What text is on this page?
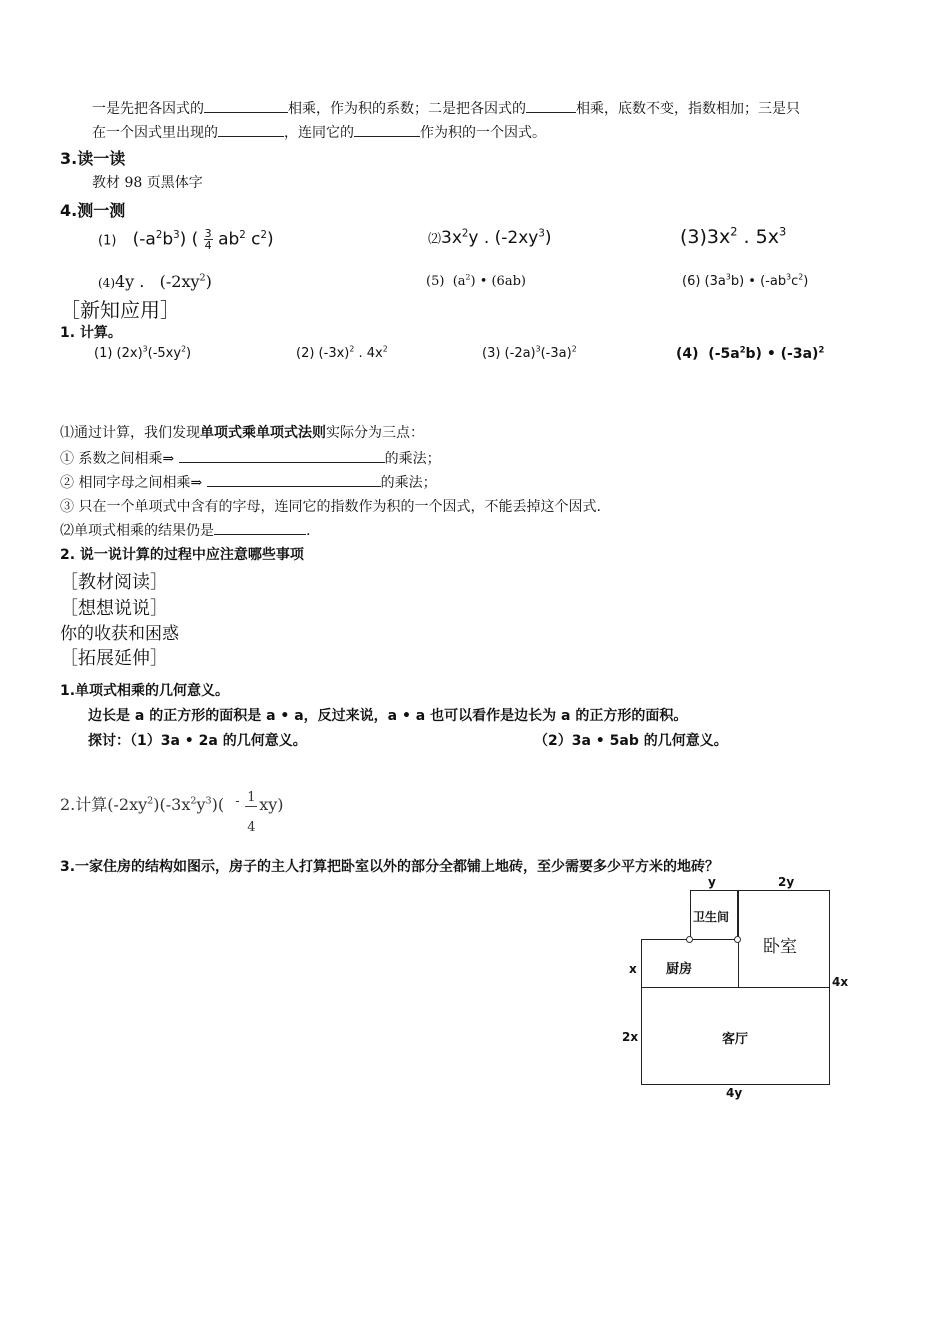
一是先把各因式的	相乘，作为积的系数；二是把各因式的	相乘，底数不变，指数相加；三是只
在一个因式里出现的	，连同它的	作为积的一个因式。
3.读一读
教材 98 页黑体字
4.测一测
(1)   $(-a^2b^3)$ ( $\frac{3}{4} ab^2$ $c^2$)	$⑵3x^2y$ . $(-2xy^3)$	$(3)3x^2$ . $5x^3$
(4)4y .   $(-2xy^2)$	(5) $(a^2)$ • (6ab)	(6) $(3a^3b)$ • $(-ab^3c^2)$
［新知应用］
1. 计算。
(1) $(2x)^3(-5xy^2)$	(2) $(-3x)^2$ . $4x^2$	(3) $(-2a)^3(-3a)^2$	(4)  $(-5a^2b)$ • $(-3a)^2$
⑴通过计算，我们发现单项式乘单项式法则实际分为三点：
① 系数之间相乘⇒	的乘法；
② 相同字母之间相乘⇒	的乘法；
③ 只在一个单项式中含有的字母，连同它的指数作为积的一个因式，不能丢掉这个因式.
⑵单项式相乘的结果仍是	.
2. 说一说计算的过程中应注意哪些事项
［教材阅读］
［想想说说］
你的收获和困惑
［拓展延伸］
1.单项式相乘的几何意义。
边长是 a 的正方形的面积是 a • a，反过来说，a • a 也可以看作是边长为 a 的正方形的面积。
探讨：（1）3a • 2a 的几何意义。	（2）3a • 5ab 的几何意义。
2.计算$(-2xy^2)(-3x^2y^3)( - 1$
4
xy)
3.一家住房的结构如图示，房子的主人打算把卧室以外的部分全都铺上地砖，至少需要多少平方米的地砖？
卫生间
卧室
厨房
客厅
y	2y
x
2x
4x
4y
